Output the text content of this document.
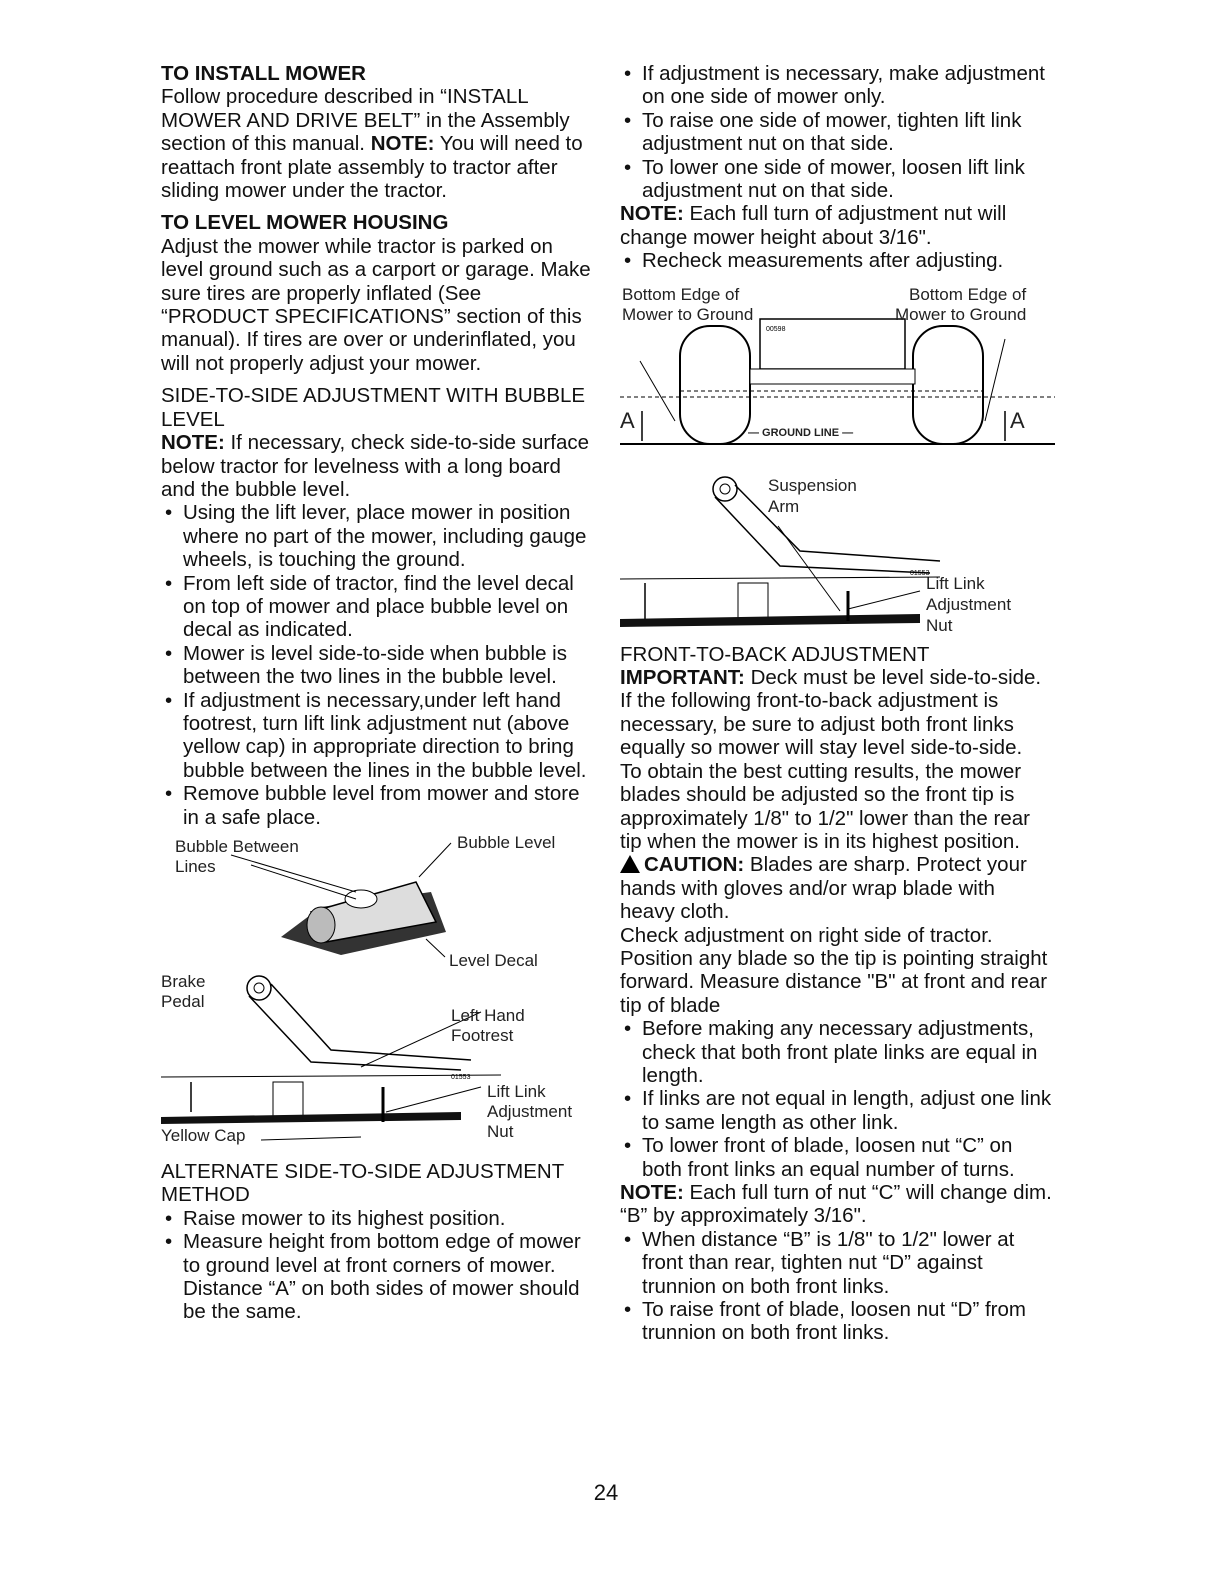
TO INSTALL MOWER

Follow procedure described in “INSTALL MOWER AND DRIVE BELT” in the Assembly section of this manual. NOTE: You will need to reattach front plate assembly to tractor after sliding mower under the tractor.

TO LEVEL MOWER HOUSING

Adjust the mower while tractor is parked on level ground such as a carport or garage. Make sure tires are properly inflated (See “PRODUCT SPECIFICATIONS” section of this manual). If tires are over or underinflated, you will not properly adjust your mower.

SIDE-TO-SIDE ADJUSTMENT WITH BUBBLE LEVEL

NOTE: If necessary, check side-to-side surface below tractor for levelness with a long board and the bubble level.

• Using the lift lever, place mower in position where no part of the mower, including gauge wheels, is touching the ground.
• From left side of tractor, find the level decal on top of mower and place bubble level on decal as indicated.
• Mower is level side-to-side when bubble is between the two lines in the bubble level.
• If adjustment is necessary,under left hand footrest, turn lift link adjustment nut (above yellow cap) in appropriate direction to bring bubble between the lines in the bubble level.
• Remove bubble level from mower and store in a safe place.
Bubble Between
Lines
Bubble Level
Level Decal
01553
Brake
Pedal
Left Hand
Footrest
Lift Link
Adjustment
Nut
Yellow Cap

ALTERNATE SIDE-TO-SIDE ADJUSTMENT METHOD

• Raise mower to its highest position.
• Measure height from bottom edge of mower to ground level at front corners of mower. Distance “A” on both sides of mower should be the same.
• If adjustment is necessary, make adjustment on one side of mower only.
• To raise one side of mower, tighten lift link adjustment nut on that side.
• To lower one side of mower, loosen lift link adjustment nut on that side.

NOTE: Each full turn of adjustment nut will change mower height about 3/16".

• Recheck measurements after adjusting.
00598
Bottom Edge of
Mower to Ground
Bottom Edge of
Mower to Ground
A	A
— GROUND LINE —
01553
Suspension
Arm
Lift Link
Adjustment
Nut

FRONT-TO-BACK ADJUSTMENT

IMPORTANT: Deck must be level side-to-side. If the following front-to-back adjustment is necessary, be sure to adjust both front links equally so mower will stay level side-to-side.

To obtain the best cutting results, the mower blades should be adjusted so the front tip is approximately 1/8" to 1/2" lower than the rear tip when the mower is in its highest position.

CAUTION: Blades are sharp. Protect your hands with gloves and/or wrap blade with heavy cloth.

Check adjustment on right side of tractor. Position any blade so the tip is pointing straight forward. Measure distance "B" at front and rear tip of blade

• Before making any necessary adjustments, check that both front plate links are equal in length.
• If links are not equal in length, adjust one link to same length as other link.
• To lower front of blade, loosen nut “C” on both front links an equal number of turns.

NOTE: Each full turn of nut “C” will change dim. “B” by approximately 3/16".

• When distance “B” is 1/8" to 1/2" lower at front than rear, tighten nut “D” against trunnion on both front links.
• To raise front of blade, loosen nut “D” from trunnion on both front links.
24
